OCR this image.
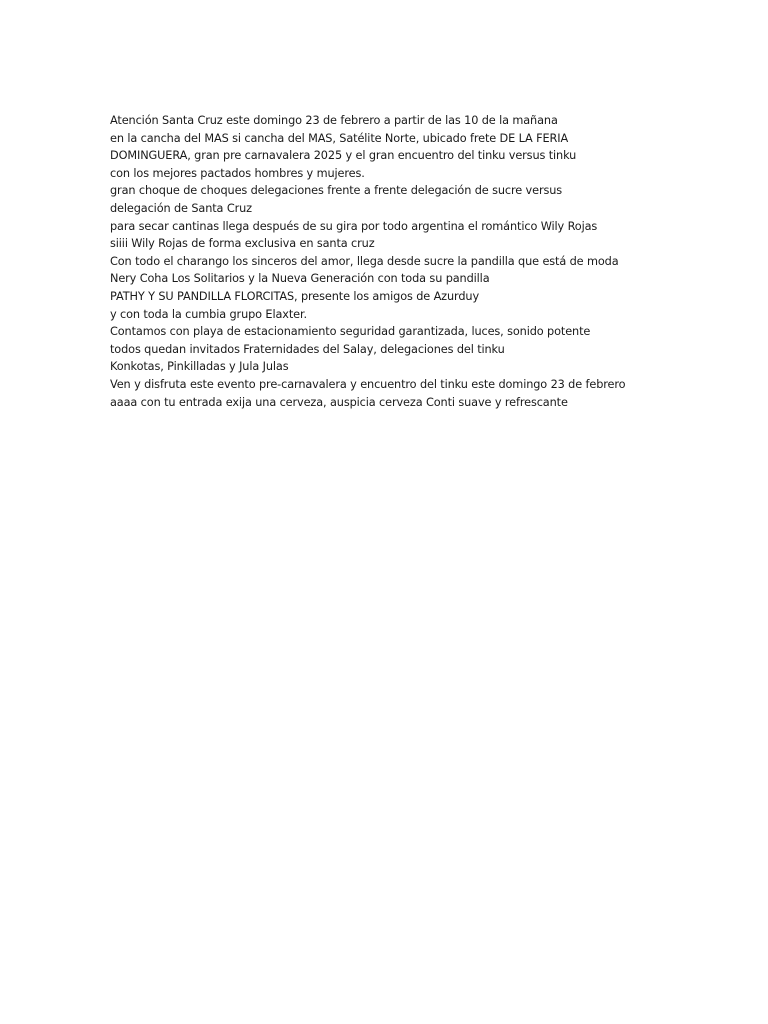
Atención Santa Cruz este domingo 23 de febrero a partir de las 10 de la mañana
en la cancha del MAS si cancha del MAS, Satélite Norte, ubicado frete DE LA FERIA
DOMINGUERA, gran pre carnavalera 2025 y el gran encuentro del tinku versus tinku
con los mejores pactados hombres y mujeres.
gran choque de choques delegaciones frente a frente delegación de sucre versus
delegación de Santa Cruz
para secar cantinas llega después de su gira por todo argentina el romántico Wily Rojas
siiii Wily Rojas de forma exclusiva en santa cruz
Con todo el charango los sinceros del amor, llega desde sucre la pandilla que está de moda
Nery Coha Los Solitarios y la Nueva Generación con toda su pandilla
PATHY Y SU PANDILLA FLORCITAS, presente los amigos de Azurduy
y con toda la cumbia grupo Elaxter.
Contamos con playa de estacionamiento seguridad garantizada, luces, sonido potente
todos quedan invitados Fraternidades del Salay, delegaciones del tinku
Konkotas, Pinkilladas y Jula Julas
Ven y disfruta este evento pre-carnavalera y encuentro del tinku este domingo 23 de febrero
aaaa con tu entrada exija una cerveza, auspicia cerveza Conti suave y refrescante
